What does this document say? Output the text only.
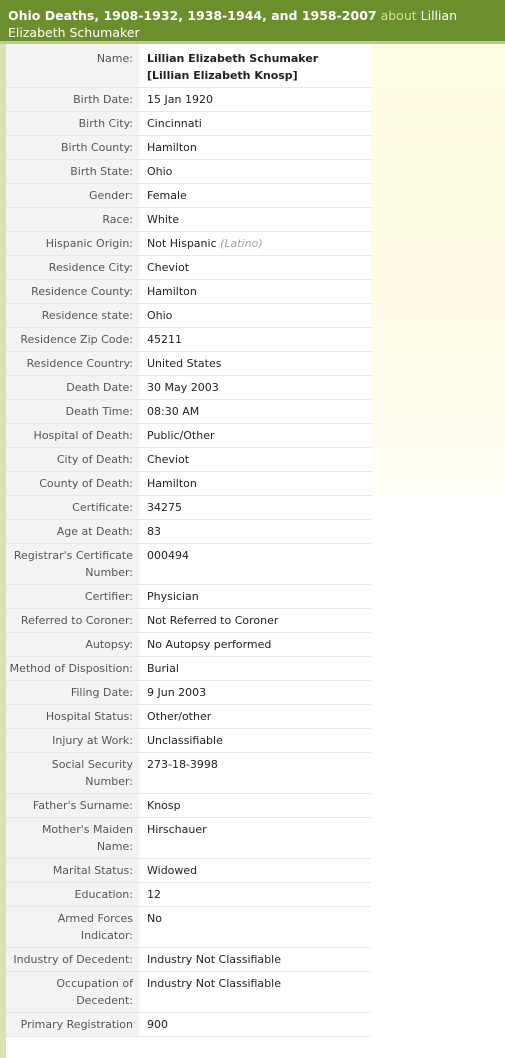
Ohio Deaths, 1908-1932, 1938-1944, and 1958-2007 about Lillian Elizabeth Schumaker
Name:	Lillian Elizabeth Schumaker
[Lillian Elizabeth Knosp]

Birth Date:	15 Jan 1920
Birth City:	Cincinnati
Birth County:	Hamilton
Birth State:	Ohio
Gender:	Female
Race:	White
Hispanic Origin:	Not Hispanic (Latino)
Residence City:	Cheviot
Residence County:	Hamilton
Residence state:	Ohio
Residence Zip Code:	45211
Residence Country:	United States
Death Date:	30 May 2003
Death Time:	08:30 AM
Hospital of Death:	Public/Other
City of Death:	Cheviot
County of Death:	Hamilton
Certificate:	34275
Age at Death:	83
Registrar's Certificate Number:	000494
Certifier:	Physician
Referred to Coroner:	Not Referred to Coroner
Autopsy:	No Autopsy performed
Method of Disposition:	Burial
Filing Date:	9 Jun 2003
Hospital Status:	Other/other
Injury at Work:	Unclassifiable
Social Security Number:	273-18-3998
Father's Surname:	Knosp
Mother's Maiden Name:	Hirschauer
Marital Status:	Widowed
Education:	12
Armed Forces Indicator:	No
Industry of Decedent:	Industry Not Classifiable
Occupation of Decedent:	Industry Not Classifiable
Primary Registration	900
